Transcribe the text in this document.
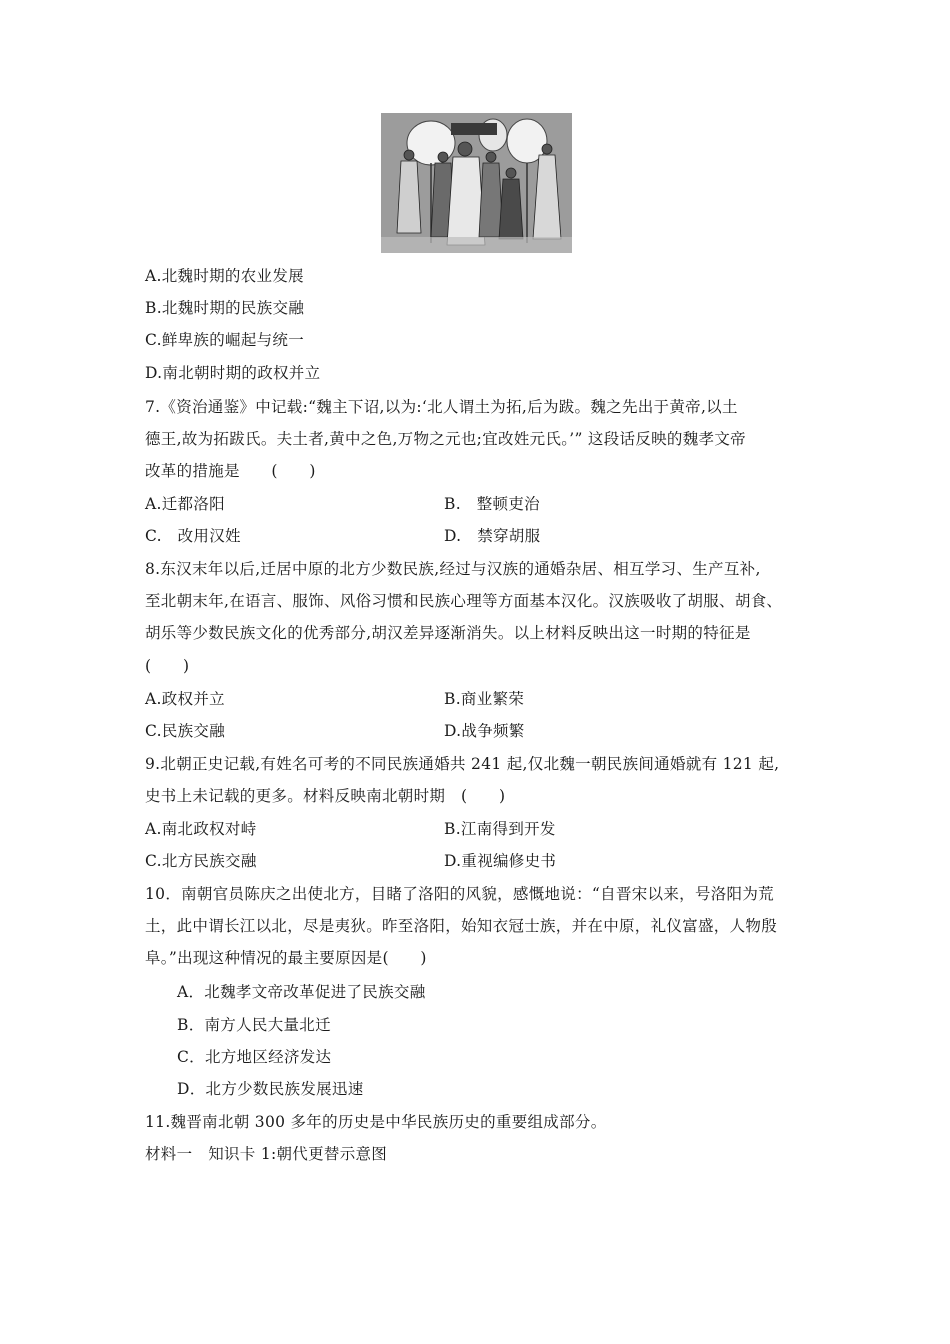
A.北魏时期的农业发展
B.北魏时期的民族交融
C.鲜卑族的崛起与统一
D.南北朝时期的政权并立
7.《资治通鉴》中记载:“魏主下诏,以为:‘北人谓土为拓,后为跋。魏之先出于黄帝,以土
德王,故为拓跋氏。夫土者,黄中之色,万物之元也;宜改姓元氏。’” 这段话反映的魏孝文帝
改革的措施是　　(　　)
A.迁都洛阳	B.　整顿吏治
C.　改用汉姓	D.　禁穿胡服
8.东汉末年以后,迁居中原的北方少数民族,经过与汉族的通婚杂居、相互学习、生产互补,
至北朝末年,在语言、服饰、风俗习惯和民族心理等方面基本汉化。汉族吸收了胡服、胡食、
胡乐等少数民族文化的优秀部分,胡汉差异逐渐消失。以上材料反映出这一时期的特征是
(　　)
A.政权并立	B.商业繁荣
C.民族交融	D.战争频繁
9.北朝正史记载,有姓名可考的不同民族通婚共 241 起,仅北魏一朝民族间通婚就有 121 起,
史书上未记载的更多。材料反映南北朝时期　(　　)
A.南北政权对峙	B.江南得到开发
C.北方民族交融	D.重视编修史书
10．南朝官员陈庆之出使北方，目睹了洛阳的风貌，感慨地说：“自晋宋以来，号洛阳为荒
土，此中谓长江以北，尽是夷狄。昨至洛阳，始知衣冠士族，并在中原，礼仪富盛，人物殷
阜。”出现这种情况的最主要原因是(　　)
A．北魏孝文帝改革促进了民族交融
B．南方人民大量北迁
C．北方地区经济发达
D．北方少数民族发展迅速
11.魏晋南北朝 300 多年的历史是中华民族历史的重要组成部分。
材料一　知识卡 1:朝代更替示意图
